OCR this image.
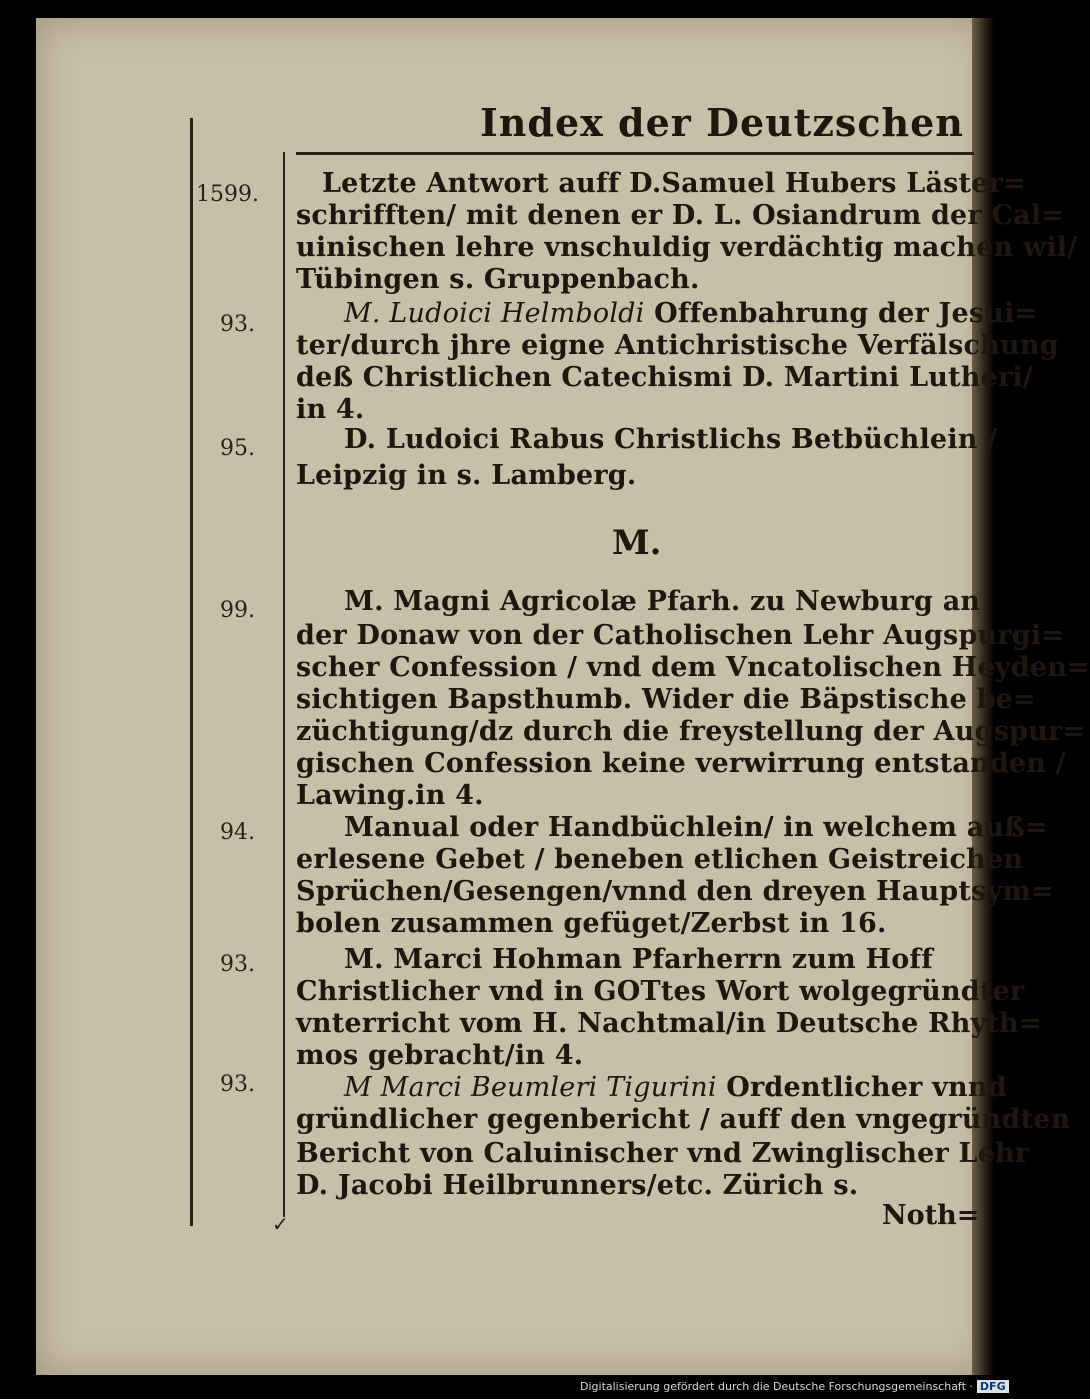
Index der Deutzschen
1599.
93.
95.
99.
94.
93.
93.
Letzte Antwort auff D.Samuel Hubers Läster=
schrifften/ mit denen er D. L. Osiandrum der Cal=
uinischen lehre vnschuldig verdächtig machen wil/
Tübingen s. Gruppenbach.
M. Ludoici Helmboldi Offenbahrung der Jesui=
ter/durch jhre eigne Antichristische Verfälschung
deß Christlichen Catechismi D. Martini Lutheri/
in 4.
D. Ludoici Rabus Christlichs Betbüchlein /
Leipzig in s. Lamberg.
M.
M. Magni Agricolæ Pfarh. zu Newburg an
der Donaw von der Catholischen Lehr Augspurgi=
scher Confession / vnd dem Vncatolischen Heyden=
sichtigen Bapsthumb. Wider die Bäpstische be=
züchtigung/dz durch die freystellung der Augspur=
gischen Confession keine verwirrung entstanden /
Lawing.in 4.
Manual oder Handbüchlein/ in welchem auß=
erlesene Gebet / beneben etlichen Geistreichen
Sprüchen/Gesengen/vnnd den dreyen Hauptsym=
bolen zusammen gefüget/Zerbst in 16.
M. Marci Hohman Pfarherrn zum Hoff
Christlicher vnd in GOTtes Wort wolgegründter
vnterricht vom H. Nachtmal/in Deutsche Rhyth=
mos gebracht/in 4.
M Marci Beumleri Tigurini Ordentlicher vnnd
gründlicher gegenbericht / auff den vngegründten
Bericht von Caluinischer vnd Zwinglischer Lehr
D. Jacobi Heilbrunners/etc. Zürich s.
Noth=
✓
Digitalisierung gefördert durch die Deutsche Forschungsgemeinschaft · DFG
